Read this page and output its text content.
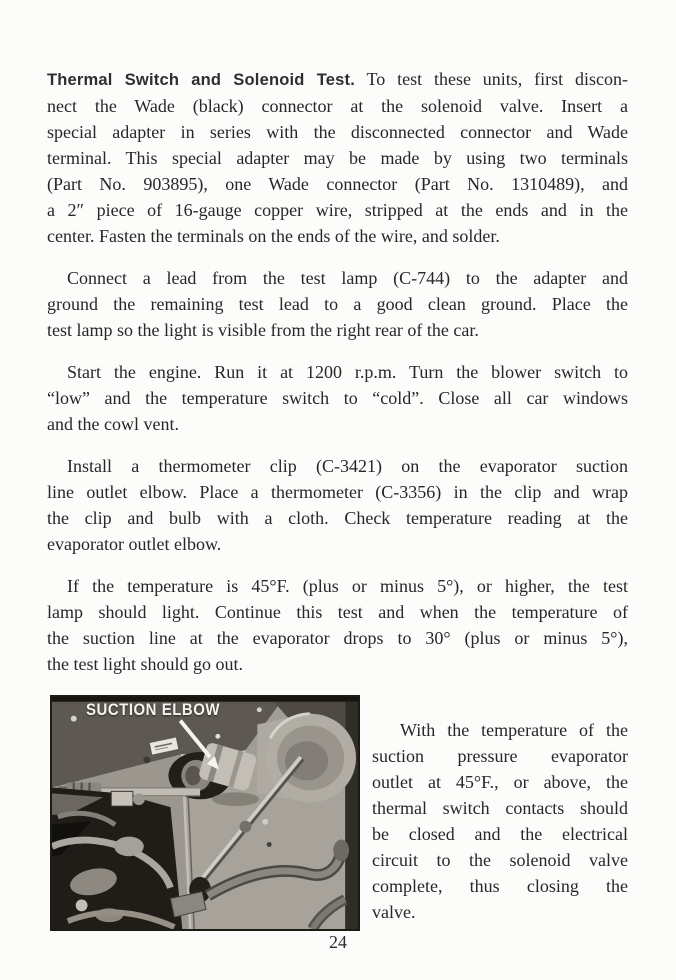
Thermal Switch and Solenoid Test. To test these units, first discon-
nect the Wade (black) connector at the solenoid valve. Insert a
special adapter in series with the disconnected connector and Wade
terminal. This special adapter may be made by using two terminals
(Part No. 903895), one Wade connector (Part No. 1310489), and
a 2″ piece of 16-gauge copper wire, stripped at the ends and in the
center. Fasten the terminals on the ends of the wire, and solder.
Connect a lead from the test lamp (C-744) to the adapter and
ground the remaining test lead to a good clean ground. Place the
test lamp so the light is visible from the right rear of the car.
Start the engine. Run it at 1200 r.p.m. Turn the blower switch to
“low” and the temperature switch to “cold”. Close all car windows
and the cowl vent.
Install a thermometer clip (C-3421) on the evaporator suction
line outlet elbow. Place a thermometer (C-3356) in the clip and wrap
the clip and bulb with a cloth. Check temperature reading at the
evaporator outlet elbow.
If the temperature is 45°F. (plus or minus 5°), or higher, the test
lamp should light. Continue this test and when the temperature of
the suction line at the evaporator drops to 30° (plus or minus 5°),
the test light should go out.
SUCTION ELBOW
With the temperature of the
suction pressure evaporator
outlet at 45°F., or above, the
thermal switch contacts should
be closed and the electrical
circuit to the solenoid valve
complete, thus closing the
valve.
24
